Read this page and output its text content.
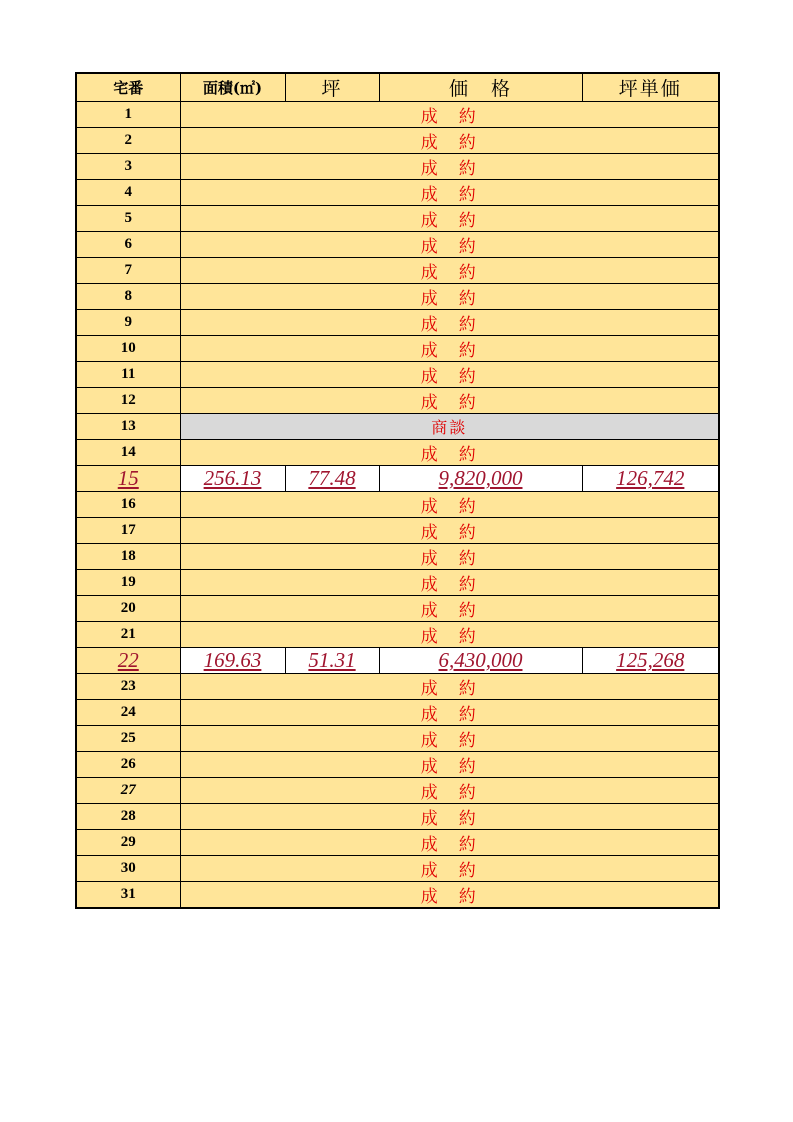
宅番	面積(㎡)	坪	価　格	坪単価
1	成　約			
2	成　約			
3	成　約			
4	成　約			
5	成　約			
6	成　約			
7	成　約			
8	成　約			
9	成　約			
10	成　約			
11	成　約			
12	成　約			
13	商談			
14	成　約			
15	256.13	77.48	9,820,000	126,742
16	成　約			
17	成　約			
18	成　約			
19	成　約			
20	成　約			
21	成　約			
22	169.63	51.31	6,430,000	125,268
23	成　約			
24	成　約			
25	成　約			
26	成　約			
27	成　約			
28	成　約			
29	成　約			
30	成　約			
31	成　約			
